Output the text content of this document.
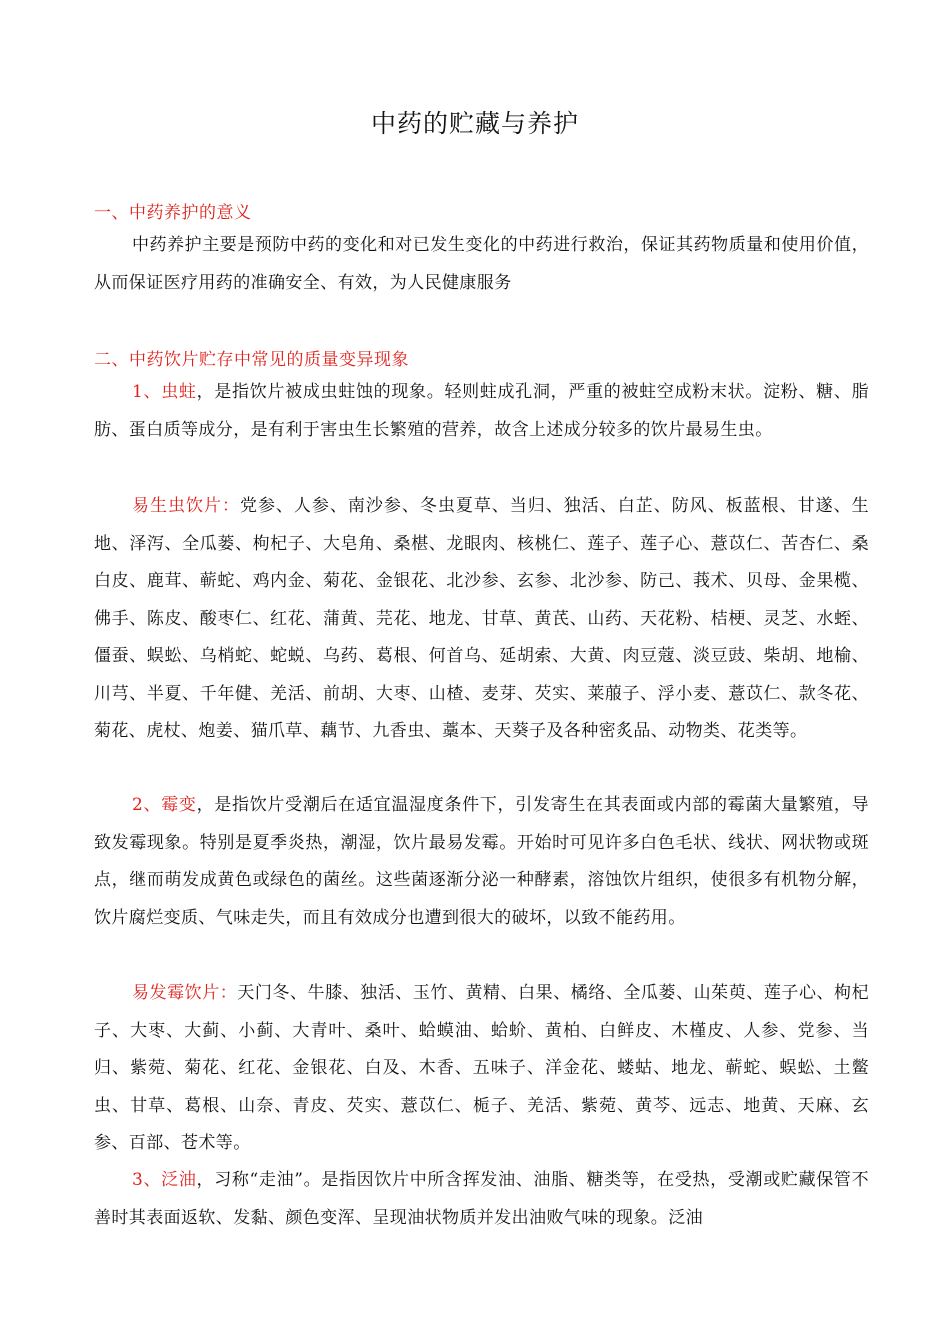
中药的贮藏与养护
一、中药养护的意义

中药养护主要是预防中药的变化和对已发生变化的中药进行救治，保证其药物质量和使用价值，从而保证医疗用药的准确安全、有效，为人民健康服务

二、中药饮片贮存中常见的质量变异现象

1、虫蛀，是指饮片被成虫蛀蚀的现象。轻则蛀成孔洞，严重的被蛀空成粉末状。淀粉、糖、脂肪、蛋白质等成分，是有利于害虫生长繁殖的营养，故含上述成分较多的饮片最易生虫。

易生虫饮片：党参、人参、南沙参、冬虫夏草、当归、独活、白芷、防风、板蓝根、甘遂、生地、泽泻、全瓜蒌、枸杞子、大皂角、桑椹、龙眼肉、核桃仁、莲子、莲子心、薏苡仁、苦杏仁、桑白皮、鹿茸、蕲蛇、鸡内金、菊花、金银花、北沙参、玄参、北沙参、防己、莪术、贝母、金果榄、佛手、陈皮、酸枣仁、红花、蒲黄、芫花、地龙、甘草、黄芪、山药、天花粉、桔梗、灵芝、水蛭、僵蚕、蜈蚣、乌梢蛇、蛇蜕、乌药、葛根、何首乌、延胡索、大黄、肉豆蔻、淡豆豉、柴胡、地榆、川芎、半夏、千年健、羌活、前胡、大枣、山楂、麦芽、芡实、莱菔子、浮小麦、薏苡仁、款冬花、菊花、虎杖、炮姜、猫爪草、藕节、九香虫、藁本、天葵子及各种密炙品、动物类、花类等。

2、霉变，是指饮片受潮后在适宜温湿度条件下，引发寄生在其表面或内部的霉菌大量繁殖，导致发霉现象。特别是夏季炎热，潮湿，饮片最易发霉。开始时可见许多白色毛状、线状、网状物或斑点，继而萌发成黄色或绿色的菌丝。这些菌逐渐分泌一种酵素，溶蚀饮片组织，使很多有机物分解，饮片腐烂变质、气味走失，而且有效成分也遭到很大的破坏，以致不能药用。

易发霉饮片：天门冬、牛膝、独活、玉竹、黄精、白果、橘络、全瓜蒌、山茱萸、莲子心、枸杞子、大枣、大蓟、小蓟、大青叶、桑叶、蛤蟆油、蛤蚧、黄柏、白鲜皮、木槿皮、人参、党参、当归、紫菀、菊花、红花、金银花、白及、木香、五味子、洋金花、蝼蛄、地龙、蕲蛇、蜈蚣、土鳖虫、甘草、葛根、山奈、青皮、芡实、薏苡仁、栀子、羌活、紫菀、黄芩、远志、地黄、天麻、玄参、百部、苍术等。

3、泛油，习称“走油”。是指因饮片中所含挥发油、油脂、糖类等，在受热，受潮或贮藏保管不善时其表面返软、发黏、颜色变浑、呈现油状物质并发出油败气味的现象。泛油
